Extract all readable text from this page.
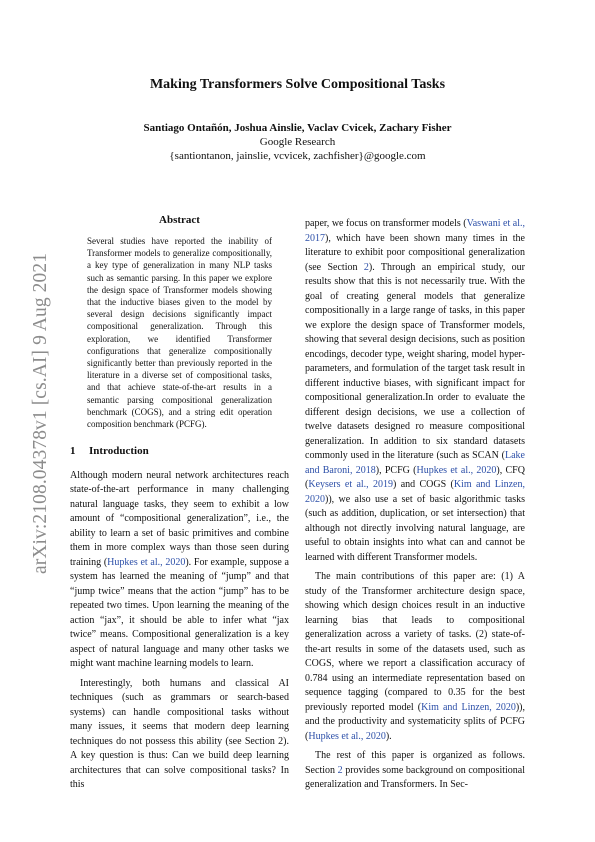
arXiv:2108.04378v1 [cs.AI] 9 Aug 2021
Making Transformers Solve Compositional Tasks
Santiago Ontañón, Joshua Ainslie, Vaclav Cvicek, Zachary Fisher
Google Research
{santiontanon, jainslie, vcvicek, zachfisher}@google.com
Abstract
Several studies have reported the inability of Transformer models to generalize compositionally, a key type of generalization in many NLP tasks such as semantic parsing. In this paper we explore the design space of Transformer models showing that the inductive biases given to the model by several design decisions significantly impact compositional generalization. Through this exploration, we identified Transformer configurations that generalize compositionally significantly better than previously reported in the literature in a diverse set of compositional tasks, and that achieve state-of-the-art results in a semantic parsing compositional generalization benchmark (COGS), and a string edit operation composition benchmark (PCFG).
1 Introduction

Although modern neural network architectures reach state-of-the-art performance in many challenging natural language tasks, they seem to exhibit a low amount of “compositional generalization”, i.e., the ability to learn a set of basic primitives and combine them in more complex ways than those seen during training (Hupkes et al., 2020). For example, suppose a system has learned the meaning of “jump” and that “jump twice” means that the action “jump” has to be repeated two times. Upon learning the meaning of the action “jax”, it should be able to infer what “jax twice” means. Compositional generalization is a key aspect of natural language and many other tasks we might want machine learning models to learn.

Interestingly, both humans and classical AI techniques (such as grammars or search-based systems) can handle compositional tasks without many issues, it seems that modern deep learning techniques do not possess this ability (see Section 2). A key question is thus: Can we build deep learning architectures that can solve compositional tasks? In this

paper, we focus on transformer models (Vaswani et al., 2017), which have been shown many times in the literature to exhibit poor compositional generalization (see Section 2). Through an empirical study, our results show that this is not necessarily true. With the goal of creating general models that generalize compositionally in a large range of tasks, in this paper we explore the design space of Transformer models, showing that several design decisions, such as position encodings, decoder type, weight sharing, model hyper-parameters, and formulation of the target task result in different inductive biases, with significant impact for compositional generalization.In order to evaluate the different design decisions, we use a collection of twelve datasets designed ro measure compositional generalization. In addition to six standard datasets commonly used in the literature (such as SCAN (Lake and Baroni, 2018), PCFG (Hupkes et al., 2020), CFQ (Keysers et al., 2019) and COGS (Kim and Linzen, 2020)), we also use a set of basic algorithmic tasks (such as addition, duplication, or set intersection) that although not directly involving natural language, are useful to obtain insights into what can and cannot be learned with different Transformer models.

The main contributions of this paper are: (1) A study of the Transformer architecture design space, showing which design choices result in an inductive learning bias that leads to compositional generalization across a variety of tasks. (2) state-of-the-art results in some of the datasets used, such as COGS, where we report a classification accuracy of 0.784 using an intermediate representation based on sequence tagging (compared to 0.35 for the best previously reported model (Kim and Linzen, 2020)), and the productivity and systematicity splits of PCFG (Hupkes et al., 2020).

The rest of this paper is organized as follows. Section 2 provides some background on compositional generalization and Transformers. In Sec-
